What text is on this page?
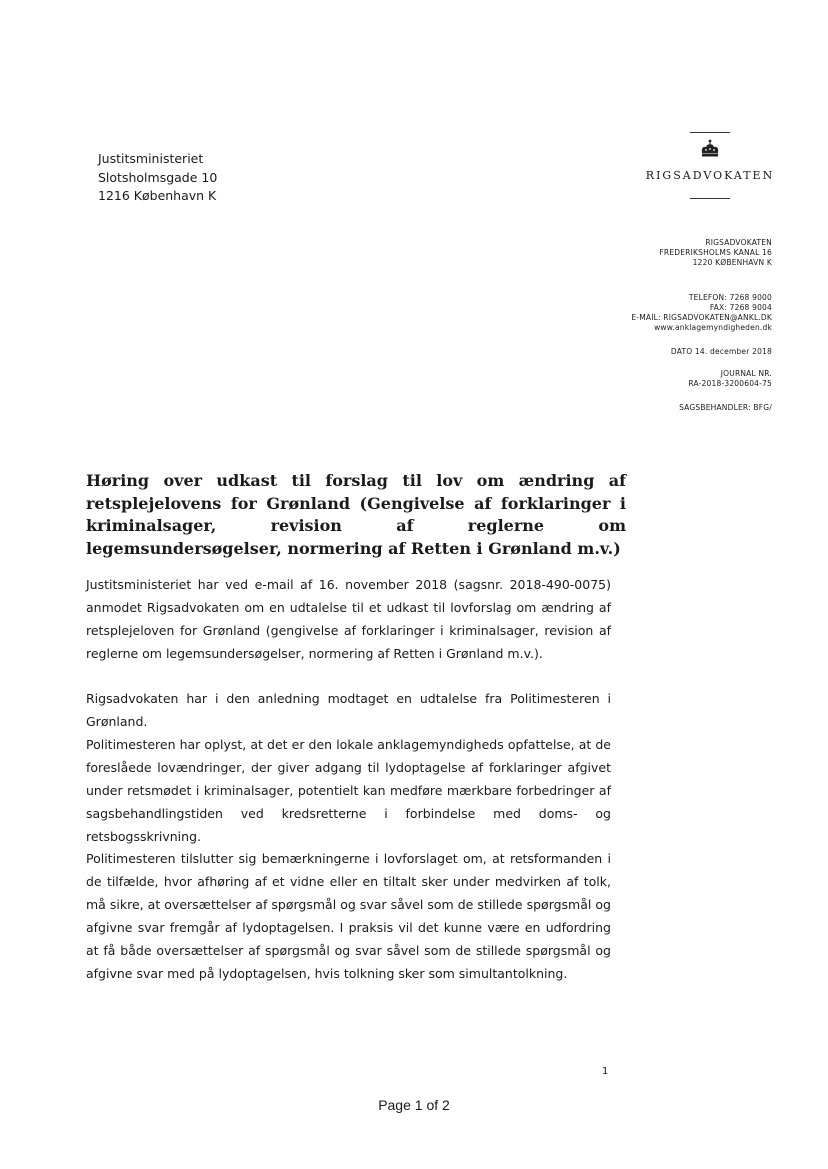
Justitsministeriet
Slotsholmsgade 10
1216 København K
RIGSADVOKATEN
RIGSADVOKATEN
FREDERIKSHOLMS KANAL 16
1220 KØBENHAVN K
TELEFON: 7268 9000
FAX: 7268 9004
E-MAIL: RIGSADVOKATEN@ANKL.DK
www.anklagemyndigheden.dk
DATO 14. december 2018
JOURNAL NR.
RA-2018-3200604-75
SAGSBEHANDLER: BFG/
Høring over udkast til forslag til lov om ændring af retsplejelovens for Grønland (Gengivelse af forklaringer i kriminalsager, revision af reglerne om legemsundersøgelser, normering af Retten i Grønland m.v.)

Justitsministeriet har ved e-mail af 16. november 2018 (sagsnr. 2018-490-0075) anmodet Rigsadvokaten om en udtalelse til et udkast til lovforslag om ændring af retsplejeloven for Grønland (gengivelse af forklaringer i kriminalsager, revision af reglerne om legemsundersøgelser, normering af Retten i Grønland m.v.).

Rigsadvokaten har i den anledning modtaget en udtalelse fra Politimesteren i Grønland.

Politimesteren har oplyst, at det er den lokale anklagemyndigheds opfattelse, at de foreslåede lovændringer, der giver adgang til lydoptagelse af forklaringer afgivet under retsmødet i kriminalsager, potentielt kan medføre mærkbare forbedringer af sagsbehandlingstiden ved kredsretterne i forbindelse med doms- og retsbogsskrivning.

Politimesteren tilslutter sig bemærkningerne i lovforslaget om, at retsformanden i de tilfælde, hvor afhøring af et vidne eller en tiltalt sker under medvirken af tolk, må sikre, at oversættelser af spørgsmål og svar såvel som de stillede spørgsmål og afgivne svar fremgår af lydoptagelsen. I praksis vil det kunne være en udfordring at få både oversættelser af spørgsmål og svar såvel som de stillede spørgsmål og afgivne svar med på lydoptagelsen, hvis tolkning sker som simultantolkning.

1
Page 1 of 2
